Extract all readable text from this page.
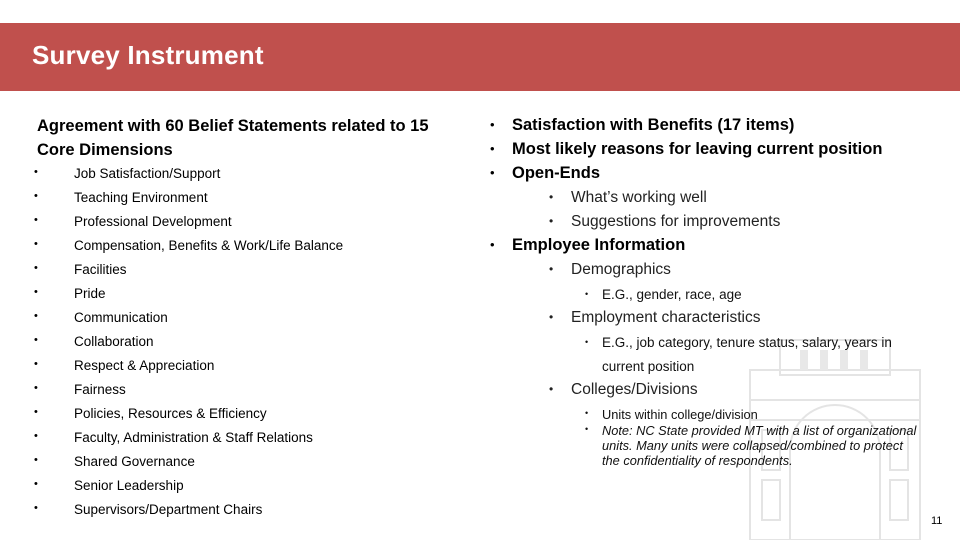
Survey Instrument
Agreement with 60 Belief Statements related to 15 Core Dimensions
•	Job Satisfaction/Support
•	Teaching Environment
•	Professional Development
•	Compensation, Benefits & Work/Life Balance
•	Facilities
•	Pride
•	Communication
•	Collaboration
•	Respect & Appreciation
•	Fairness
•	Policies, Resources & Efficiency
•	Faculty, Administration & Staff Relations
•	Shared Governance
•	Senior Leadership
•	Supervisors/Department Chairs
• Satisfaction with Benefits (17 items)
• Most likely reasons for leaving current position
• Open-Ends
• What’s working well
• Suggestions for improvements
• Employee Information
• Demographics
• E.G., gender, race, age
• Employment characteristics
• E.G., job category, tenure status, salary, years in
current position
• Colleges/Divisions
• Units within college/division
• Note: NC State provided MT with a list of organizational units. Many units were collapsed/combined to protect the confidentiality of respondents.
11
